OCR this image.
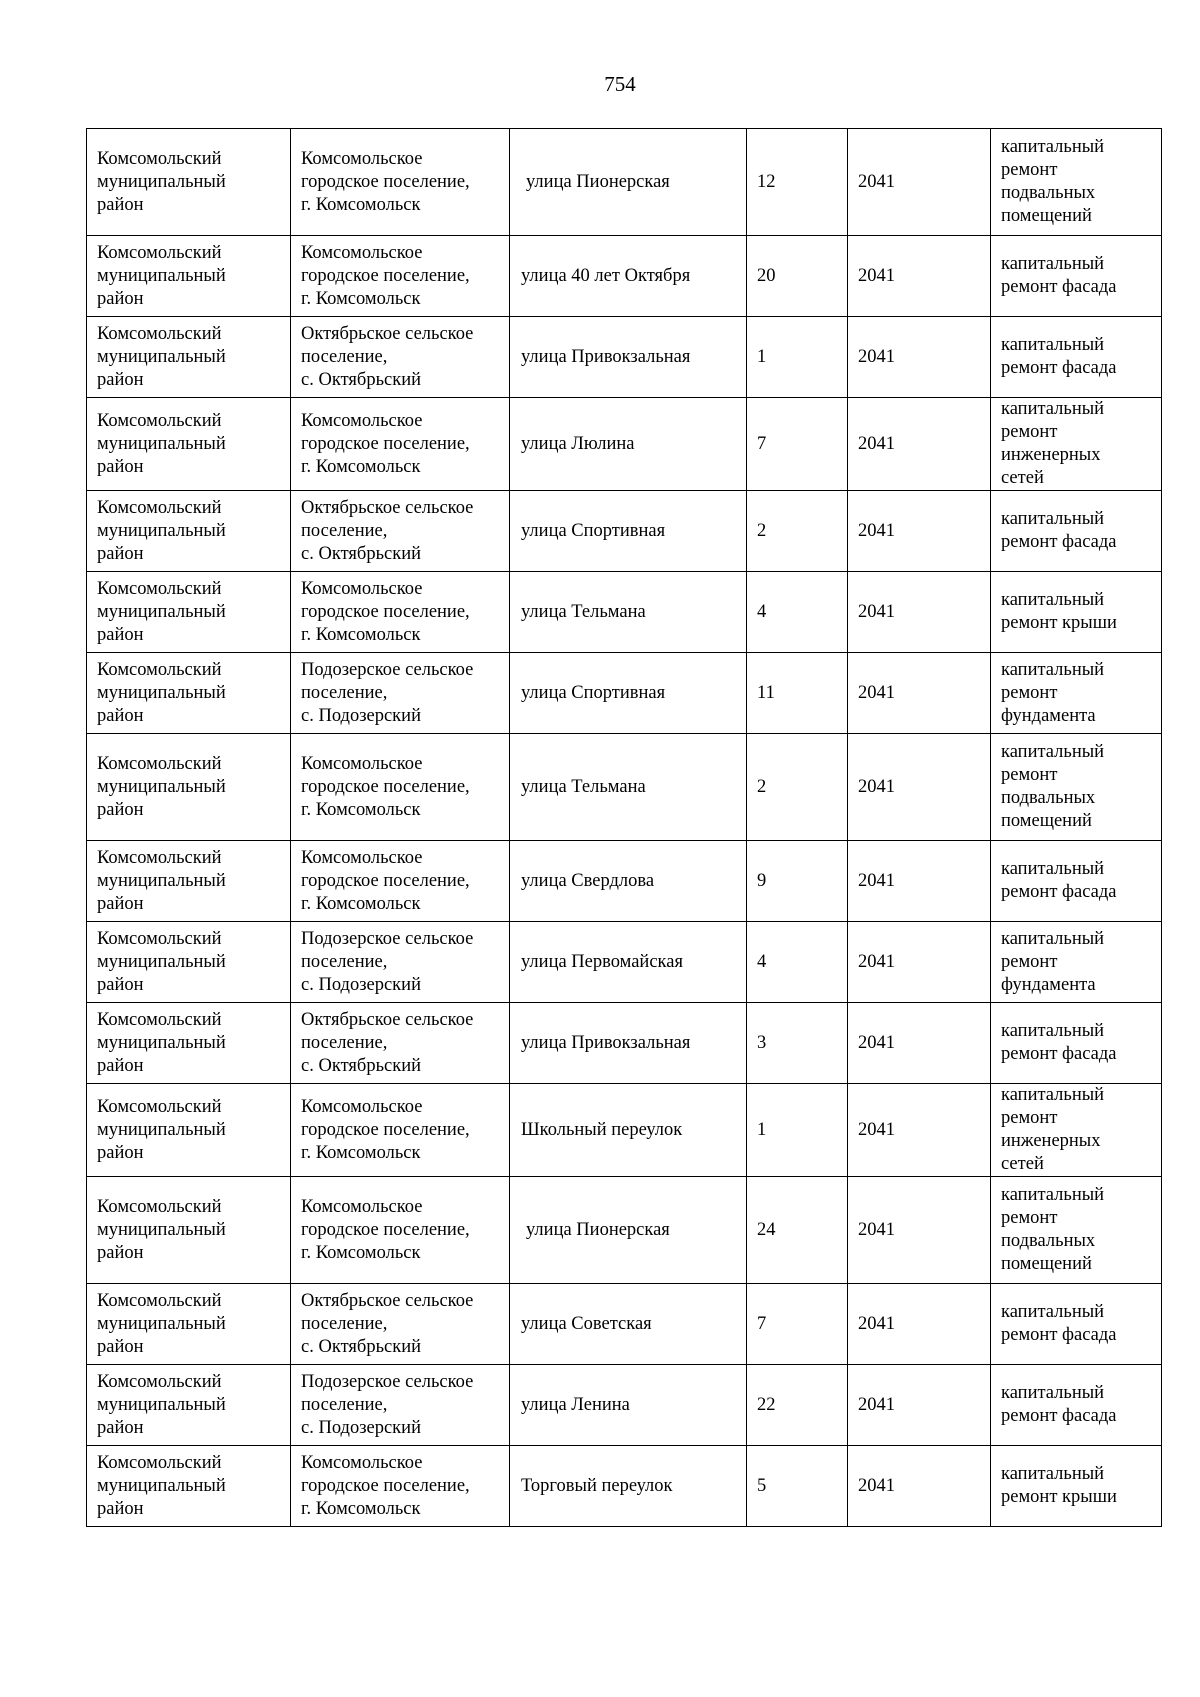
754
Комсомольский
муниципальный
район	Комсомольское
городское поселение,
г. Комсомольск	улица Пионерская	12	2041	капитальный
ремонт
подвальных
помещений
Комсомольский
муниципальный
район	Комсомольское
городское поселение,
г. Комсомольск	улица 40 лет Октября	20	2041	капитальный
ремонт фасада
Комсомольский
муниципальный
район	Октябрьское сельское
поселение,
с. Октябрьский	улица Привокзальная	1	2041	капитальный
ремонт фасада
Комсомольский
муниципальный
район	Комсомольское
городское поселение,
г. Комсомольск	улица Люлина	7	2041	капитальный
ремонт
инженерных
сетей
Комсомольский
муниципальный
район	Октябрьское сельское
поселение,
с. Октябрьский	улица Спортивная	2	2041	капитальный
ремонт фасада
Комсомольский
муниципальный
район	Комсомольское
городское поселение,
г. Комсомольск	улица Тельмана	4	2041	капитальный
ремонт крыши
Комсомольский
муниципальный
район	Подозерское сельское
поселение,
с. Подозерский	улица Спортивная	11	2041	капитальный
ремонт
фундамента
Комсомольский
муниципальный
район	Комсомольское
городское поселение,
г. Комсомольск	улица Тельмана	2	2041	капитальный
ремонт
подвальных
помещений
Комсомольский
муниципальный
район	Комсомольское
городское поселение,
г. Комсомольск	улица Свердлова	9	2041	капитальный
ремонт фасада
Комсомольский
муниципальный
район	Подозерское сельское
поселение,
с. Подозерский	улица Первомайская	4	2041	капитальный
ремонт
фундамента
Комсомольский
муниципальный
район	Октябрьское сельское
поселение,
с. Октябрьский	улица Привокзальная	3	2041	капитальный
ремонт фасада
Комсомольский
муниципальный
район	Комсомольское
городское поселение,
г. Комсомольск	Школьный переулок	1	2041	капитальный
ремонт
инженерных
сетей
Комсомольский
муниципальный
район	Комсомольское
городское поселение,
г. Комсомольск	улица Пионерская	24	2041	капитальный
ремонт
подвальных
помещений
Комсомольский
муниципальный
район	Октябрьское сельское
поселение,
с. Октябрьский	улица Советская	7	2041	капитальный
ремонт фасада
Комсомольский
муниципальный
район	Подозерское сельское
поселение,
с. Подозерский	улица Ленина	22	2041	капитальный
ремонт фасада
Комсомольский
муниципальный
район	Комсомольское
городское поселение,
г. Комсомольск	Торговый переулок	5	2041	капитальный
ремонт крыши
